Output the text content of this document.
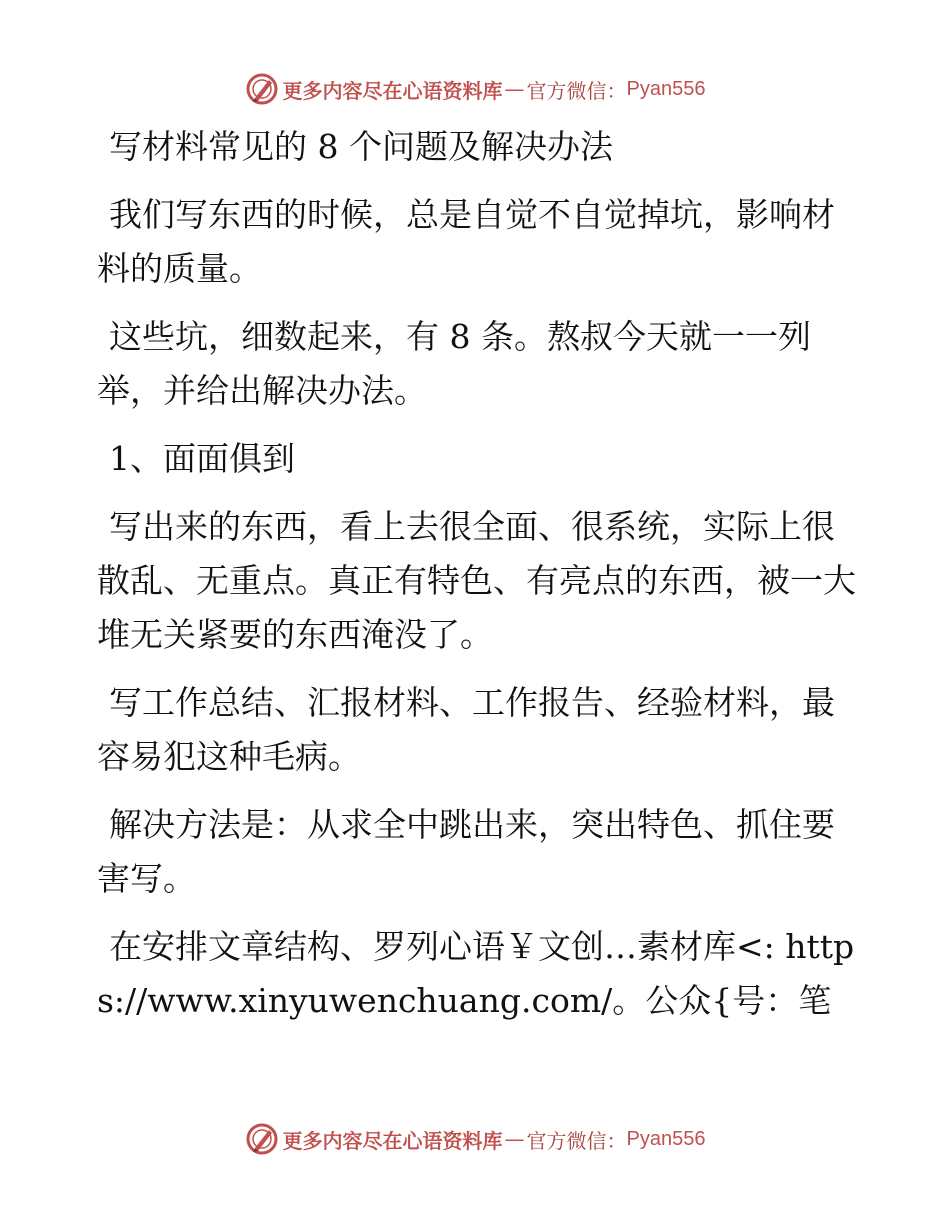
更多内容尽在心语资料库 — 官方微信： Pyan556
写材料常见的 8 个问题及解决办法
我们写东西的时候，总是自觉不自觉掉坑，影响材料的质量。
这些坑，细数起来，有 8 条。熬叔今天就一一列举，并给出解决办法。
1、面面俱到
写出来的东西，看上去很全面、很系统，实际上很散乱、无重点。真正有特色、有亮点的东西，被一大堆无关紧要的东西淹没了。
写工作总结、汇报材料、工作报告、经验材料，最容易犯这种毛病。
解决方法是：从求全中跳出来，突出特色、抓住要害写。
在安排文章结构、罗列心语￥文创…素材库<: https://www.xinyuwenchuang.com/。公众{号：笔
更多内容尽在心语资料库 — 官方微信： Pyan556
